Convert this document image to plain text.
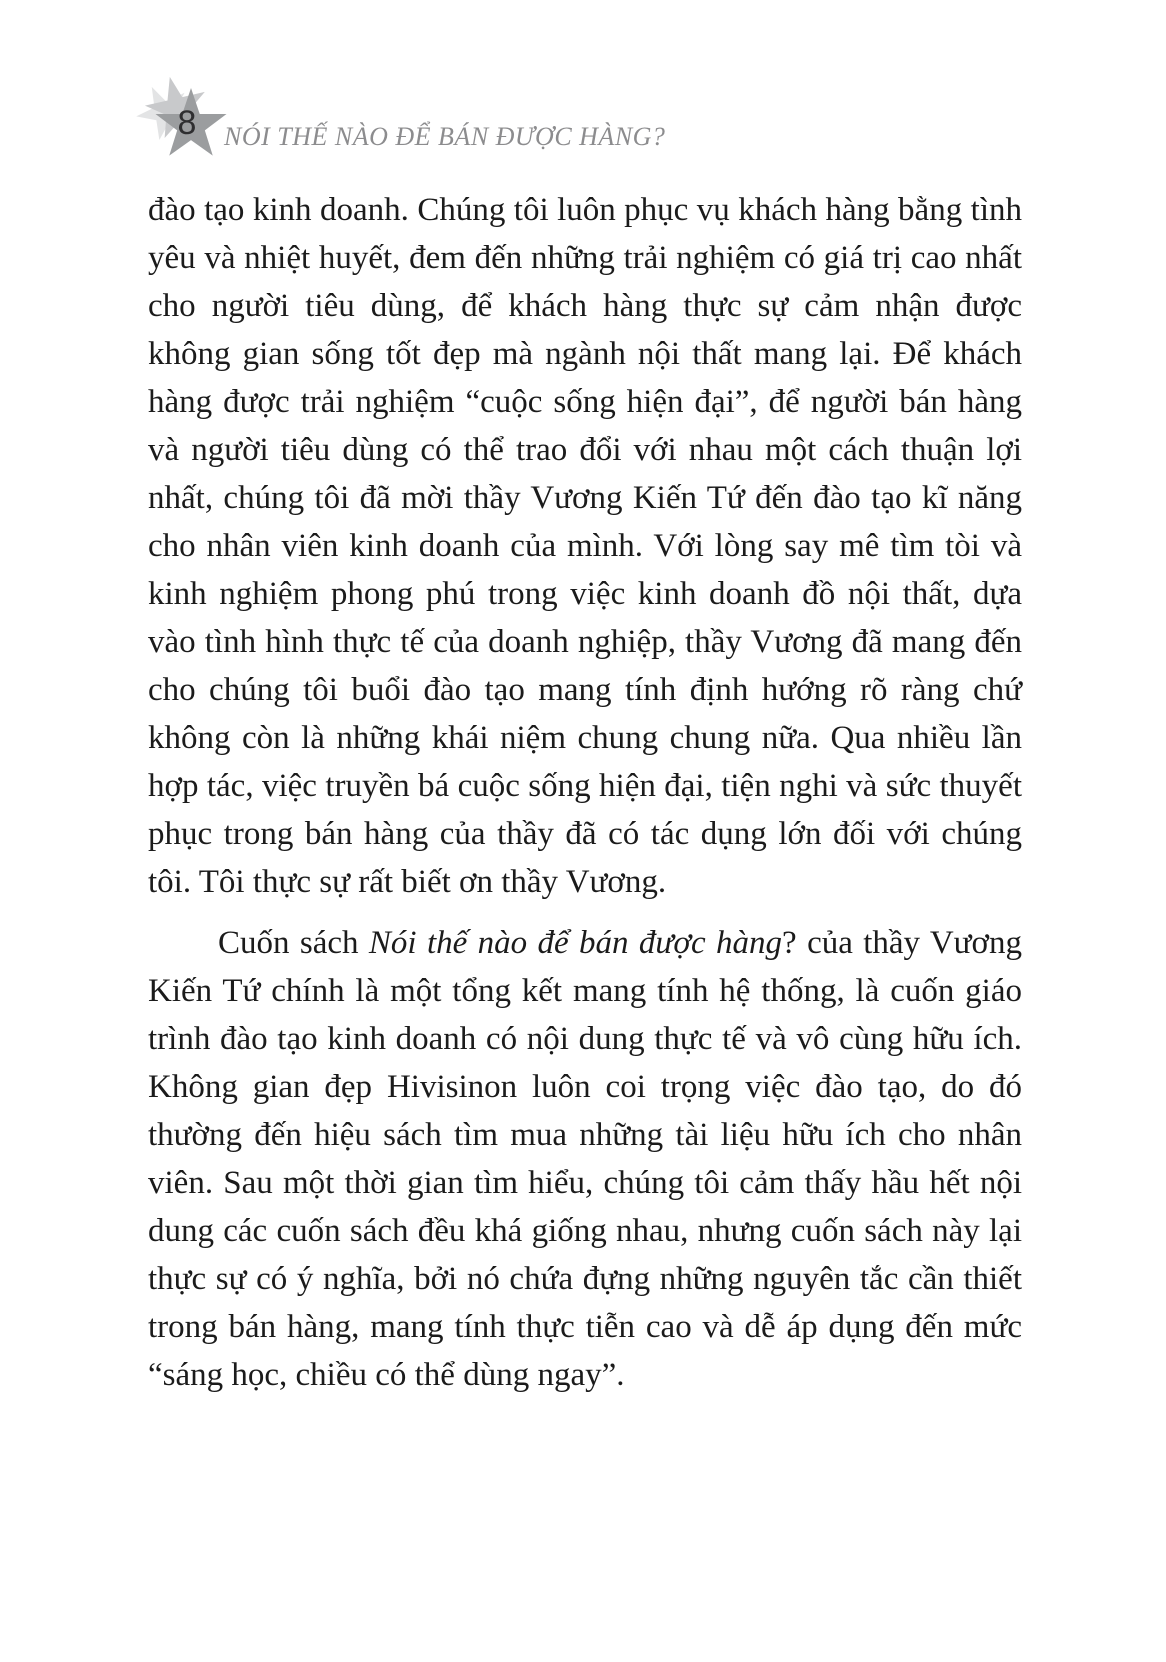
8	NÓI THẾ NÀO ĐỂ BÁN ĐƯỢC HÀNG?

đào tạo kinh doanh. Chúng tôi luôn phục vụ khách hàng bằng tình yêu và nhiệt huyết, đem đến những trải nghiệm có giá trị cao nhất cho người tiêu dùng, để khách hàng thực sự cảm nhận được không gian sống tốt đẹp mà ngành nội thất mang lại. Để khách hàng được trải nghiệm “cuộc sống hiện đại”, để người bán hàng và người tiêu dùng có thể trao đổi với nhau một cách thuận lợi nhất, chúng tôi đã mời thầy Vương Kiến Tứ đến đào tạo kĩ năng cho nhân viên kinh doanh của mình. Với lòng say mê tìm tòi và kinh nghiệm phong phú trong việc kinh doanh đồ nội thất, dựa vào tình hình thực tế của doanh nghiệp, thầy Vương đã mang đến cho chúng tôi buổi đào tạo mang tính định hướng rõ ràng chứ không còn là những khái niệm chung chung nữa. Qua nhiều lần hợp tác, việc truyền bá cuộc sống hiện đại, tiện nghi và sức thuyết phục trong bán hàng của thầy đã có tác dụng lớn đối với chúng tôi. Tôi thực sự rất biết ơn thầy Vương.

Cuốn sách Nói thế nào để bán được hàng? của thầy Vương Kiến Tứ chính là một tổng kết mang tính hệ thống, là cuốn giáo trình đào tạo kinh doanh có nội dung thực tế và vô cùng hữu ích. Không gian đẹp Hivisinon luôn coi trọng việc đào tạo, do đó thường đến hiệu sách tìm mua những tài liệu hữu ích cho nhân viên. Sau một thời gian tìm hiểu, chúng tôi cảm thấy hầu hết nội dung các cuốn sách đều khá giống nhau, nhưng cuốn sách này lại thực sự có ý nghĩa, bởi nó chứa đựng những nguyên tắc cần thiết trong bán hàng, mang tính thực tiễn cao và dễ áp dụng đến mức “sáng học, chiều có thể dùng ngay”.
